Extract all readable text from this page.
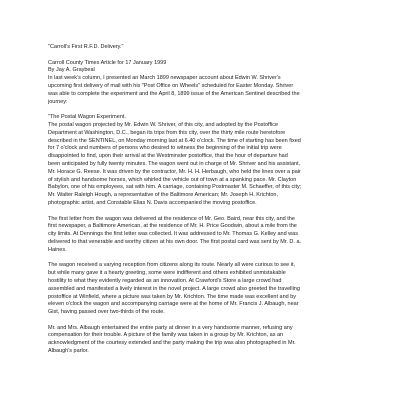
"Carroll's First R.F.D. Delivery."
Carroll County Times Article for 17 January 1999
By Jay A. Graybeal
In last week's column, I presented an March 1899 newspaper account about Edwin W. Shriver's
upcoming first delivery of mail with his "Post Office on Wheels" scheduled for Easter Monday. Shriver
was able to complete the experiment and the April 8, 1899 issue of the American Sentinel described the
journey:
"The Postal Wagon Experiment.
The postal wagon projected by Mr. Edwin W. Shriver, of this city, and adopted by the Postoffice
Department at Washington, D.C., began its trips from this city, over the thirty mile route heretofore
described in the SENTINEL, on Monday morning last at 6.40 o'clock. The time of starting has been fixed
for 7 o'clock and numbers of persons who desired to witness the beginning of the initial trip were
disappointed to find, upon their arrival at the Westminster postoffice, that the hour of departure had
been anticipated by fully twenty minutes. The wagon went out in charge of Mr. Shriver and his assistant,
Mr. Horace G. Reese. It was driven by the contractor, Mr. H. H. Herbaugh, who held the lines over a pair
of stylish and handsome horses, which whirled the vehicle out of town at a spanking pace. Mr. Clayton
Babylon, one of his employees, sat with him. A carriage, containing Postmaster M. Schaeffer, of this city;
Mr. Walter Raleigh Hough, a representative of the Baltimore American; Mr. Joseph H. Krichton,
photographic artist, and Constable Elias N. Davis accompanied the moving postoffice.
The first letter from the wagon was delivered at the residence of Mr. Geo. Baird, near this city, and the
first newspaper, a Baltimore American, at the residence of Mr. H. Price Goodwin, about a mile from the
city limits. At Dennings the first letter was collected. It was addressed to Mr. Thomas G. Kelley and was
delivered to that venerable and worthy citizen at his own door. The first postal card was sent by Mr. D. a.
Haines.
The wagon received a varying reception from citizens along its route. Nearly all were curious to see it,
but while many gave it a hearty greeting, some were indifferent and others exhibited unmistakable
hostility to what they evidently regarded as an innovation. At Crawford's Store a large crowd had
assembled and manifested a lively interest in the novel project. A large crowd also greeted the travelling
postoffice at Winfield, where a picture was taken by Mr. Krichton. The time made was excellent and by
eleven o'clock the wagon and accompanying carriage were at the home of Mr. Francis J. Albaugh, near
Gist, having passed over two-thirds of the route.
Mr. and Mrs. Albaugh entertained the entire party at dinner in a very handsome manner, refusing any
compensation for their trouble. A picture of the family was taken in a group by Mr. Krichton, as an
acknowledgment of the courtesy extended and the party making the trip was also photographed in Mr.
Albaugh's parlor.
